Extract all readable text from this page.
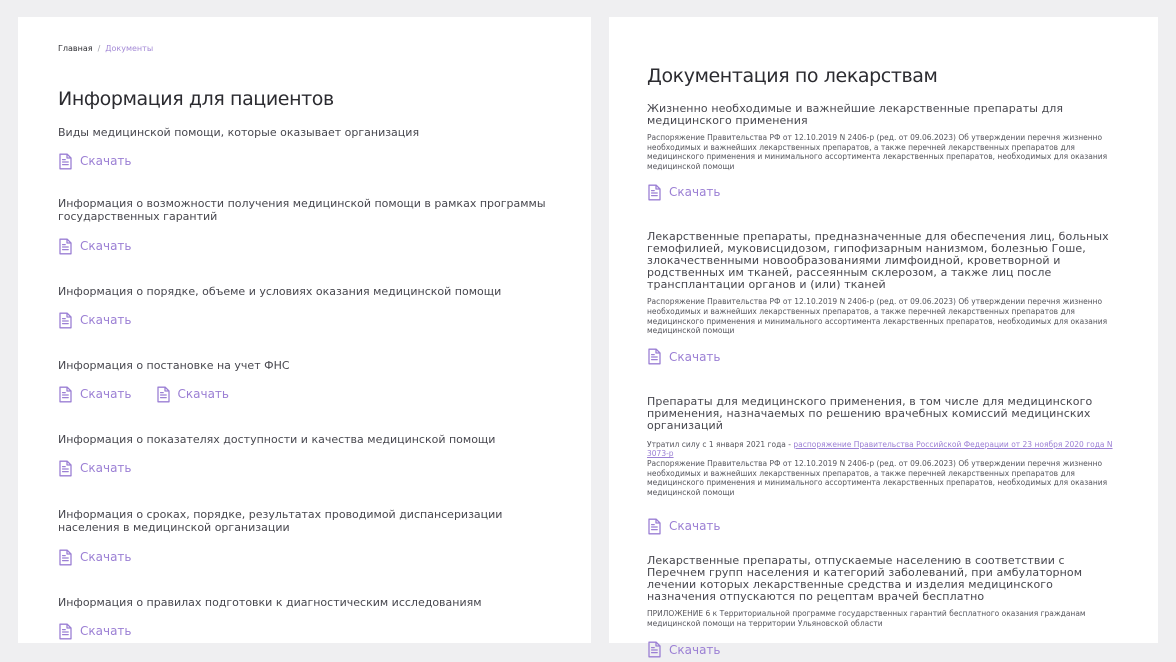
Главная / Документы
Информация для пациентов
Виды медицинской помощи, которые оказывает организация
Скачать
Информация о возможности получения медицинской помощи в рамках программы государственных гарантий
Скачать
Информация о порядке, объеме и условиях оказания медицинской помощи
Скачать
Информация о постановке на учет ФНС
Скачать	Скачать
Информация о показателях доступности и качества медицинской помощи
Скачать
Информация о сроках, порядке, результатах проводимой диспансеризации населения в медицинской организации
Скачать
Информация о правилах подготовки к диагностическим исследованиям
Скачать
Документация по лекарствам
Жизненно необходимые и важнейшие лекарственные препараты для медицинского применения
Распоряжение Правительства РФ от 12.10.2019 N 2406-р (ред. от 09.06.2023) Об утверждении перечня жизненно необходимых и важнейших лекарственных препаратов, а также перечней лекарственных препаратов для медицинского применения и минимального ассортимента лекарственных препаратов, необходимых для оказания медицинской помощи
Скачать
Лекарственные препараты, предназначенные для обеспечения лиц, больных гемофилией, муковисцидозом, гипофизарным нанизмом, болезнью Гоше, злокачественными новообразованиями лимфоидной, кроветворной и родственных им тканей, рассеянным склерозом, а также лиц после трансплантации органов и (или) тканей
Распоряжение Правительства РФ от 12.10.2019 N 2406-р (ред. от 09.06.2023) Об утверждении перечня жизненно необходимых и важнейших лекарственных препаратов, а также перечней лекарственных препаратов для медицинского применения и минимального ассортимента лекарственных препаратов, необходимых для оказания медицинской помощи
Скачать
Препараты для медицинского применения, в том числе для медицинского применения, назначаемых по решению врачебных комиссий медицинских организаций
Утратил силу с 1 января 2021 года - распоряжение Правительства Российской Федерации от 23 ноября 2020 года N 3073-р
Распоряжение Правительства РФ от 12.10.2019 N 2406-р (ред. от 09.06.2023) Об утверждении перечня жизненно необходимых и важнейших лекарственных препаратов, а также перечней лекарственных препаратов для медицинского применения и минимального ассортимента лекарственных препаратов, необходимых для оказания медицинской помощи
Скачать
Лекарственные препараты, отпускаемые населению в соответствии с Перечнем групп населения и категорий заболеваний, при амбулаторном лечении которых лекарственные средства и изделия медицинского назначения отпускаются по рецептам врачей бесплатно
ПРИЛОЖЕНИЕ 6 к Территориальной программе государственных гарантий бесплатного оказания гражданам медицинской помощи на территории Ульяновской области
Скачать
